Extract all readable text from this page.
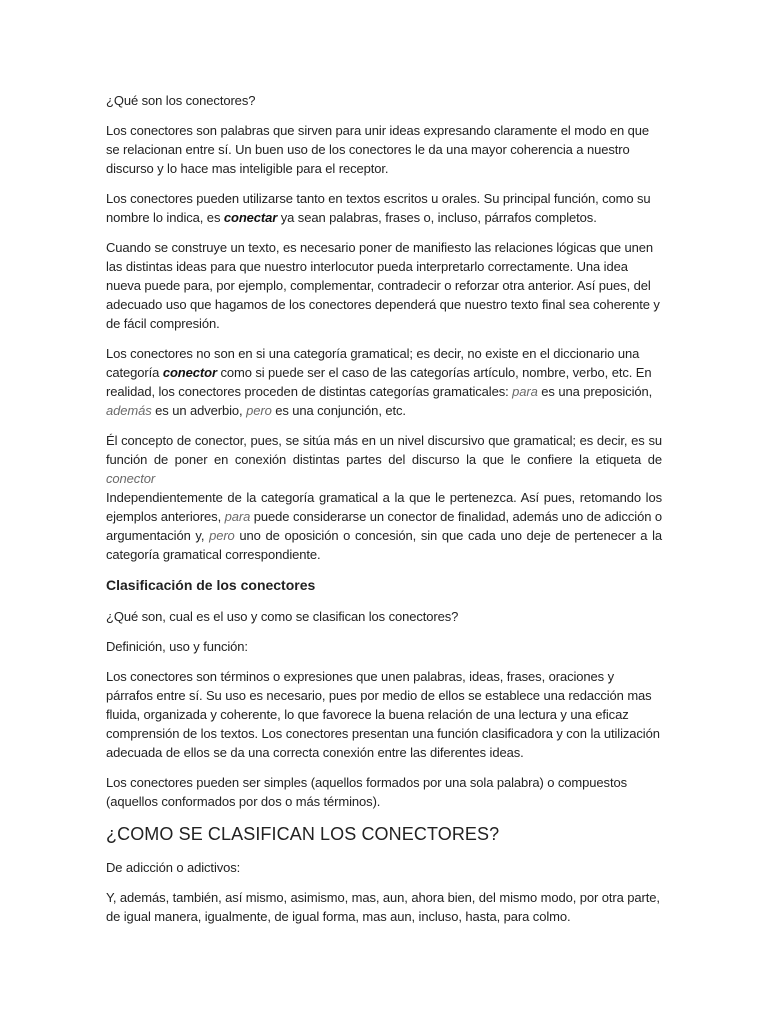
¿Qué son los conectores?

Los conectores son palabras que sirven para unir ideas expresando claramente el modo en que se relacionan entre sí. Un buen uso de los conectores le da una mayor coherencia a nuestro discurso y lo hace mas inteligible para el receptor.

Los conectores pueden utilizarse tanto en textos escritos u orales. Su principal función, como su nombre lo indica, es conectar ya sean palabras, frases o, incluso, párrafos completos.

Cuando se construye un texto, es necesario poner de manifiesto las relaciones lógicas que unen las distintas ideas para que nuestro interlocutor pueda interpretarlo correctamente. Una idea nueva puede para, por ejemplo, complementar, contradecir o reforzar otra anterior. Así pues, del adecuado uso que hagamos de los conectores dependerá que nuestro texto final sea coherente y de fácil compresión.

Los conectores no son en si una categoría gramatical; es decir, no existe en el diccionario una categoría conector como si puede ser el caso de las categorías artículo, nombre, verbo, etc. En realidad, los conectores proceden de distintas categorías gramaticales: para es una preposición, además es un adverbio, pero es una conjunción, etc.

Él concepto de conector, pues, se sitúa más en un nivel discursivo que gramatical; es decir, es su función de poner en conexión distintas partes del discurso la que le confiere la etiqueta de conector

Independientemente de la categoría gramatical a la que le pertenezca. Así pues, retomando los ejemplos anteriores, para puede considerarse un conector de finalidad, además uno de adicción o argumentación y, pero uno de oposición o concesión, sin que cada uno deje de pertenecer a la categoría gramatical correspondiente.

Clasificación de los conectores

¿Qué son, cual es el uso y como se clasifican los conectores?

Definición, uso y función:

Los conectores son términos o expresiones que unen palabras, ideas, frases, oraciones y párrafos entre sí. Su uso es necesario, pues por medio de ellos se establece una redacción mas fluida, organizada y coherente, lo que favorece la buena relación de una lectura y una eficaz comprensión de los textos. Los conectores presentan una función clasificadora y con la utilización adecuada de ellos se da una correcta conexión entre las diferentes ideas.

Los conectores pueden ser simples (aquellos formados por una sola palabra) o compuestos (aquellos conformados por dos o más términos).

¿COMO SE CLASIFICAN LOS CONECTORES?

De adicción o adictivos:

Y, además, también, así mismo, asimismo, mas, aun, ahora bien, del mismo modo, por otra parte, de igual manera, igualmente, de igual forma, mas aun, incluso, hasta, para colmo.
